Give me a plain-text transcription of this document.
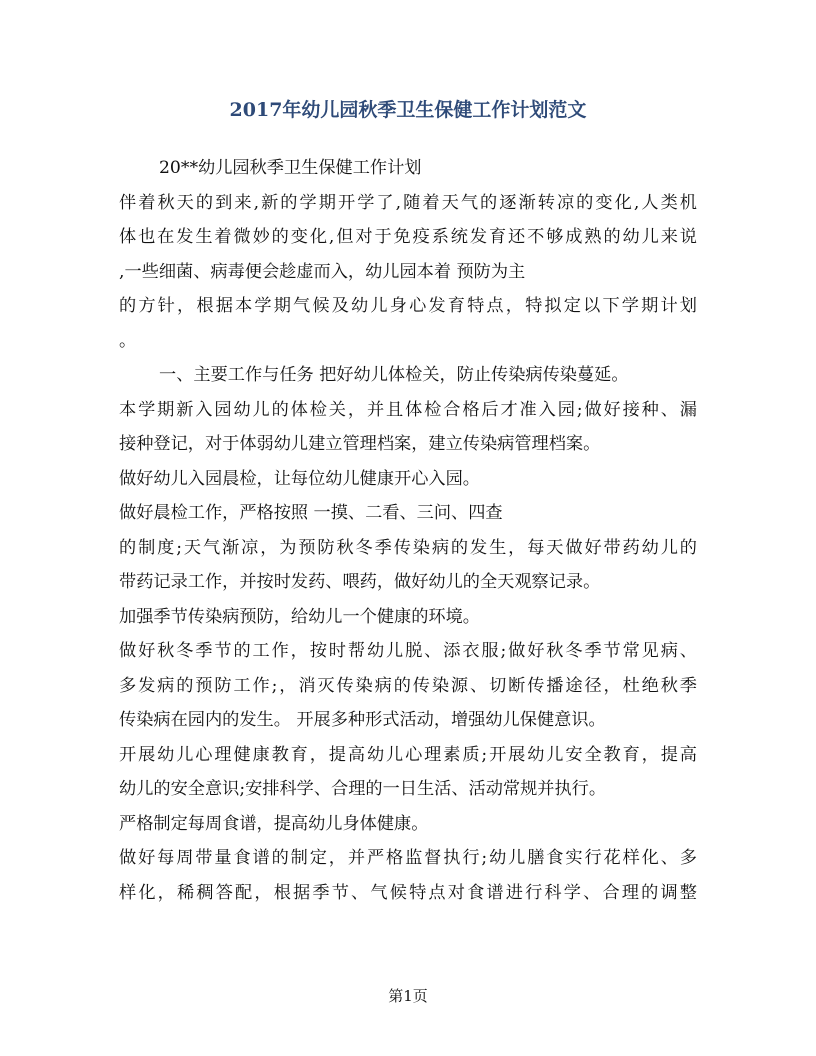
2017年幼儿园秋季卫生保健工作计划范文
20**幼儿园秋季卫生保健工作计划
伴着秋天的到来,新的学期开学了,随着天气的逐渐转凉的变化,人类机
体也在发生着微妙的变化,但对于免疫系统发育还不够成熟的幼儿来说
,一些细菌、病毒便会趁虚而入，幼儿园本着 预防为主
的方针，根据本学期气候及幼儿身心发育特点，特拟定以下学期计划
。
一、主要工作与任务 把好幼儿体检关，防止传染病传染蔓延。
本学期新入园幼儿的体检关，并且体检合格后才准入园;做好接种、漏
接种登记，对于体弱幼儿建立管理档案，建立传染病管理档案。
做好幼儿入园晨检，让每位幼儿健康开心入园。
做好晨检工作，严格按照 一摸、二看、三问、四查
的制度;天气渐凉，为预防秋冬季传染病的发生，每天做好带药幼儿的
带药记录工作，并按时发药、喂药，做好幼儿的全天观察记录。
加强季节传染病预防，给幼儿一个健康的环境。
做好秋冬季节的工作，按时帮幼儿脱、添衣服;做好秋冬季节常见病、
多发病的预防工作;，消灭传染病的传染源、切断传播途径，杜绝秋季
传染病在园内的发生。 开展多种形式活动，增强幼儿保健意识。
开展幼儿心理健康教育，提高幼儿心理素质;开展幼儿安全教育，提高
幼儿的安全意识;安排科学、合理的一日生活、活动常规并执行。
严格制定每周食谱，提高幼儿身体健康。
做好每周带量食谱的制定，并严格监督执行;幼儿膳食实行花样化、多
样化，稀稠答配，根据季节、气候特点对食谱进行科学、合理的调整
第1页
